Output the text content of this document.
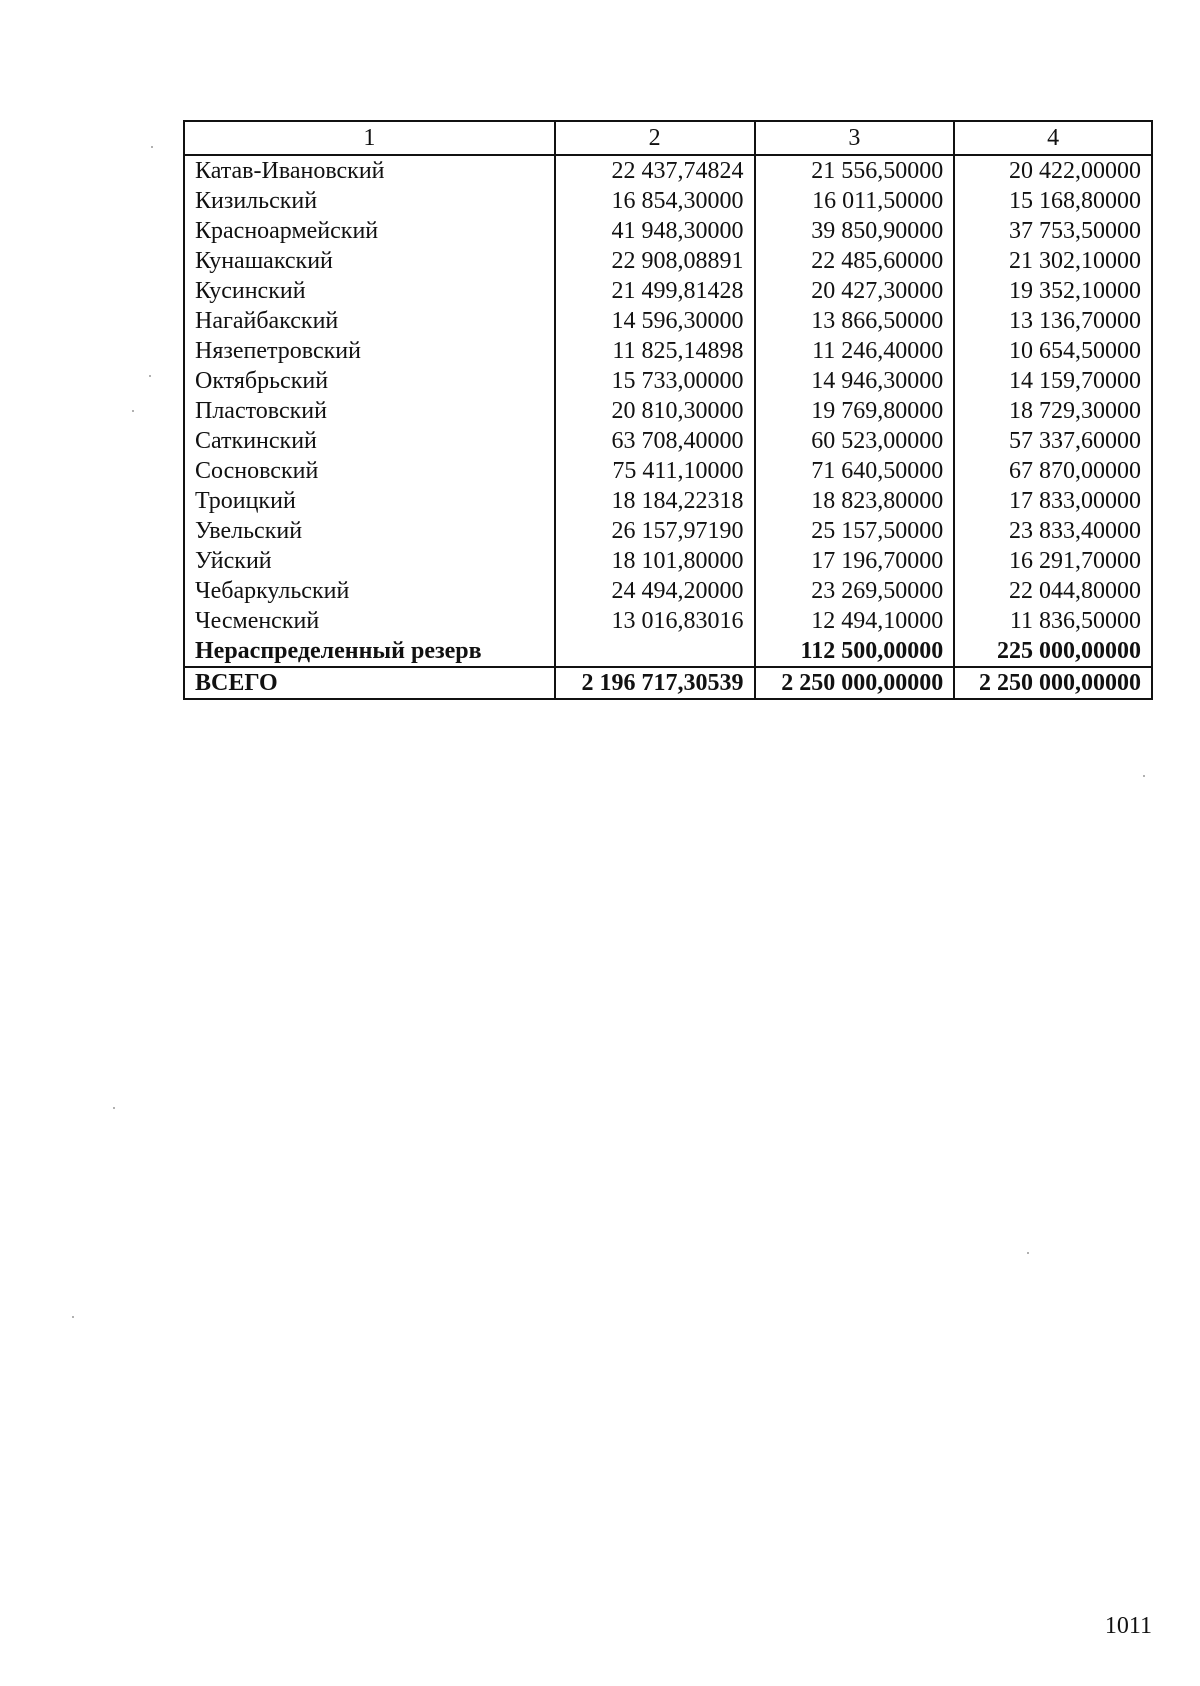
1	2	3	4
Катав-Ивановский	22 437,74824	21 556,50000	20 422,00000
Кизильский	16 854,30000	16 011,50000	15 168,80000
Красноармейский	41 948,30000	39 850,90000	37 753,50000
Кунашакский	22 908,08891	22 485,60000	21 302,10000
Кусинский	21 499,81428	20 427,30000	19 352,10000
Нагайбакский	14 596,30000	13 866,50000	13 136,70000
Нязепетровский	11 825,14898	11 246,40000	10 654,50000
Октябрьский	15 733,00000	14 946,30000	14 159,70000
Пластовский	20 810,30000	19 769,80000	18 729,30000
Саткинский	63 708,40000	60 523,00000	57 337,60000
Сосновский	75 411,10000	71 640,50000	67 870,00000
Троицкий	18 184,22318	18 823,80000	17 833,00000
Увельский	26 157,97190	25 157,50000	23 833,40000
Уйский	18 101,80000	17 196,70000	16 291,70000
Чебаркульский	24 494,20000	23 269,50000	22 044,80000
Чесменский	13 016,83016	12 494,10000	11 836,50000
Нераспределенный резерв		112 500,00000	225 000,00000
ВСЕГО	2 196 717,30539	2 250 000,00000	2 250 000,00000
1011
